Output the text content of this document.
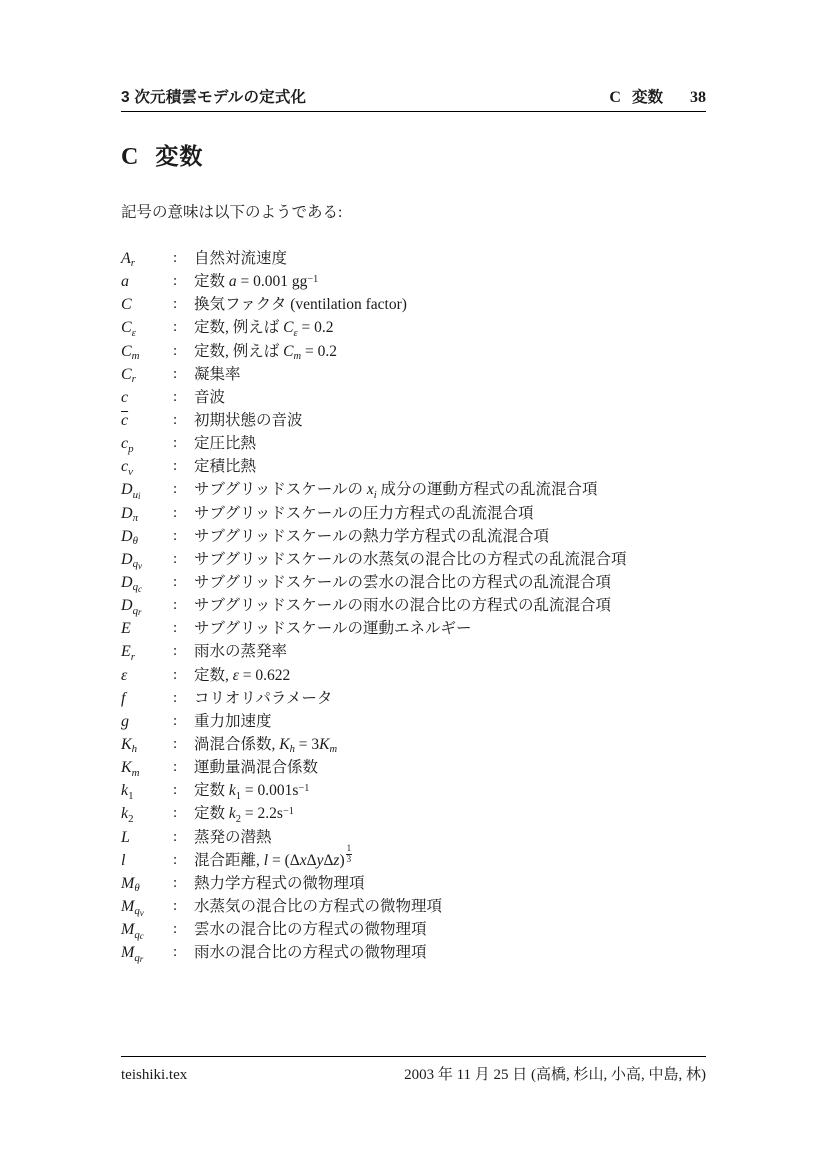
3 次元積雲モデルの定式化	C 変数 38
C 変数

記号の意味は以下のようである:

$A_r$	:	自然対流速度
a	:	定数 a = 0.001 $gg^{-1}$
C	:	換気ファクタ (ventilation factor)
$C_\varepsilon$	:	定数, 例えば $C_\varepsilon = 0.2$
$C_m$	:	定数, 例えば $C_m = 0.2$
$C_r$	:	凝集率
c	:	音波
$\overline{c}$	:	初期状態の音波
$c_p$	:	定圧比熱
$c_v$	:	定積比熱
$D_{ui}$	:	サブグリッドスケールの $x_i$ 成分の運動方程式の乱流混合項
$D_\pi$	:	サブグリッドスケールの圧力方程式の乱流混合項
$D_\theta$	:	サブグリッドスケールの熱力学方程式の乱流混合項
$D_{qv}$	:	サブグリッドスケールの水蒸気の混合比の方程式の乱流混合項
$D_{qc}$	:	サブグリッドスケールの雲水の混合比の方程式の乱流混合項
$D_{qr}$	:	サブグリッドスケールの雨水の混合比の方程式の乱流混合項
E	:	サブグリッドスケールの運動エネルギー
$E_r$	:	雨水の蒸発率
ε	:	定数, ε = 0.622
f	:	コリオリパラメータ
g	:	重力加速度
$K_h$	:	渦混合係数, $K_h = 3K_m$
$K_m$	:	運動量渦混合係数
$k_1$	:	定数 $k_1 = 0.001s^{-1}$
$k_2$	:	定数 $k_2 = 2.2s^{-1}$
L	:	蒸発の潜熱
l	:	混合距離, $l = (\Delta x\Delta y\Delta z) \frac{1}{3}$
$M_\theta$	:	熱力学方程式の微物理項
$M_{qv}$	:	水蒸気の混合比の方程式の微物理項
$M_{qc}$	:	雲水の混合比の方程式の微物理項
$M_{qr}$	:	雨水の混合比の方程式の微物理項
teishiki.tex	2003 年 11 月 25 日 (高橋, 杉山, 小高, 中島, 林)
